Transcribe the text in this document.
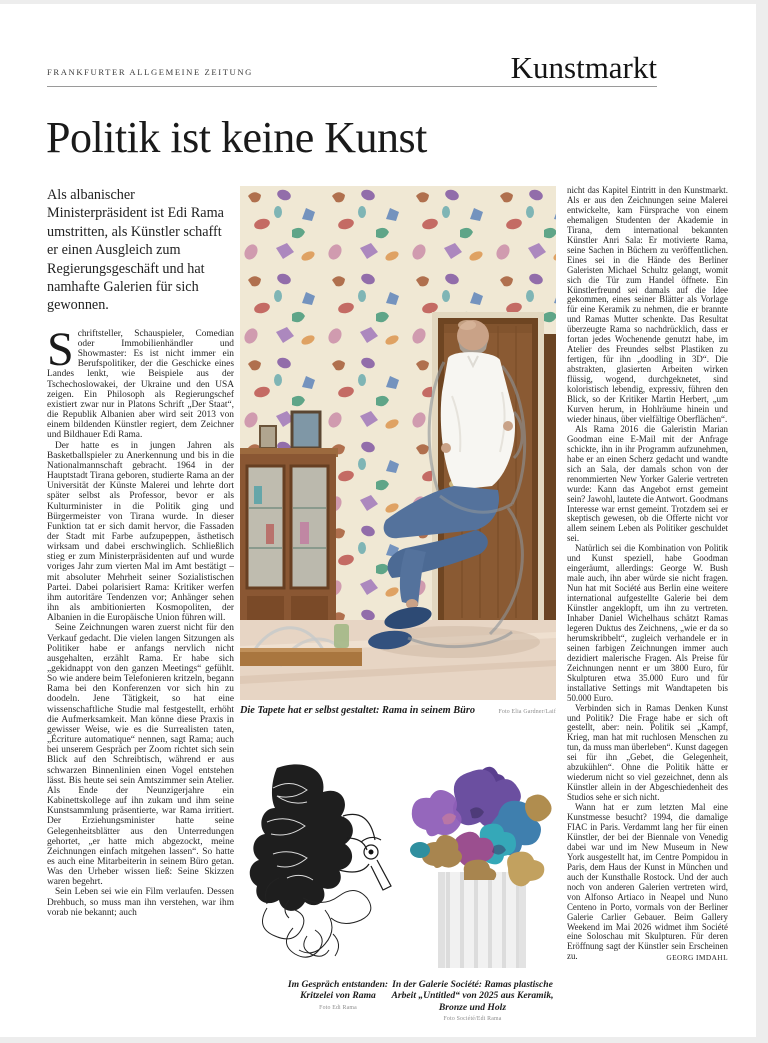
FRANKFURTER ALLGEMEINE ZEITUNG	Kunstmarkt
Politik ist keine Kunst

Als albanischer Ministerpräsident ist Edi Rama umstritten, als Künstler schafft er einen Ausgleich zum Regierungsgeschäft und hat namhafte Galerien für sich gewonnen.

Schriftsteller, Schauspieler, Comedian oder Immobilienhändler und Showmaster: Es ist nicht immer ein Berufspolitiker, der die Geschicke eines Landes lenkt, wie Beispiele aus der Tschechoslowakei, der Ukraine und den USA zeigen. Ein Philosoph als Regierungschef existiert zwar nur in Platons Schrift „Der Staat“, die Republik Albanien aber wird seit 2013 von einem bildenden Künstler regiert, dem Zeichner und Bildhauer Edi Rama.

Der hatte es in jungen Jahren als Basketballspieler zu Anerkennung und bis in die Nationalmannschaft gebracht. 1964 in der Hauptstadt Tirana geboren, studierte Rama an der Universität der Künste Malerei und lehrte dort später selbst als Professor, bevor er als Kulturminister in die Politik ging und Bürgermeister von Tirana wurde. In dieser Funktion tat er sich damit hervor, die Fassaden der Stadt mit Farbe aufzupeppen, ästhetisch wirksam und dabei erschwinglich. Schließlich stieg er zum Ministerpräsidenten auf und wurde voriges Jahr zum vierten Mal im Amt bestätigt – mit absoluter Mehrheit seiner Sozialistischen Partei. Dabei polarisiert Rama: Kritiker werfen ihm autoritäre Tendenzen vor; Anhänger sehen ihn als ambitionierten Kosmopoliten, der Albanien in die Europäische Union führen will.

Seine Zeichnungen waren zuerst nicht für den Verkauf gedacht. Die vielen langen Sitzungen als Politiker habe er anfangs nervlich nicht ausgehalten, erzählt Rama. Er habe sich „gekidnappt von den ganzen Meetings“ gefühlt. So wie andere beim Telefonieren kritzeln, begann Rama bei den Konferenzen vor sich hin zu doodeln. Jene Tätigkeit, so hat eine wissenschaftliche Studie mal festgestellt, erhöht die Aufmerksamkeit. Man könne diese Praxis in gewisser Weise, wie es die Surrealisten taten, „Écriture automatique“ nennen, sagt Rama; auch bei unserem Gespräch per Zoom richtet sich sein Blick auf den Schreibtisch, während er aus schwarzen Binnenlinien einen Vogel entstehen lässt. Bis heute sei sein Amtszimmer sein Atelier. Als Ende der Neunzigerjahre ein Kabinettskollege auf ihn zukam und ihm seine Kunstsammlung präsentierte, war Rama irritiert. Der Erziehungsminister hatte seine Gelegenheitsblätter aus den Unterredungen gehortet, „er hatte mich abgezockt, meine Zeichnungen einfach mitgehen lassen“. So hatte es auch eine Mitarbeiterin in seinem Büro getan. Was den Urheber wissen ließ: Seine Skizzen waren begehrt.

Sein Leben sei wie ein Film verlaufen. Dessen Drehbuch, so muss man ihn verstehen, war ihm vorab nie bekannt; auch

Die Tapete hat er selbst gestaltet: Rama in seinem Büro	Foto Elia Gardner/Laif

nicht das Kapitel Eintritt in den Kunstmarkt. Als er aus den Zeichnungen seine Malerei entwickelte, kam Fürsprache von einem ehemaligen Studenten der Akademie in Tirana, dem international bekannten Künstler Anri Sala: Er motivierte Rama, seine Sachen in Büchern zu veröffentlichen. Eines sei in die Hände des Berliner Galeristen Michael Schultz gelangt, womit sich die Tür zum Handel öffnete. Ein Künstlerfreund sei damals auf die Idee gekommen, eines seiner Blätter als Vorlage für eine Keramik zu nehmen, die er brannte und Ramas Mutter schenkte. Das Resultat überzeugte Rama so nachdrücklich, dass er fortan jedes Wochenende genutzt habe, im Atelier des Freundes selbst Plastiken zu fertigen, für ihn „doodling in 3D“. Die abstrakten, glasierten Arbeiten wirken flüssig, wogend, durchgeknetet, sind koloristisch lebendig, expressiv, führen den Blick, so der Kritiker Martin Herbert, „um Kurven herum, in Hohlräume hinein und wieder hinaus, über vielfältige Oberflächen“.

Als Rama 2016 die Galeristin Marian Goodman eine E-Mail mit der Anfrage schickte, ihn in ihr Programm aufzunehmen, habe er an einen Scherz gedacht und wandte sich an Sala, der damals schon von der renommierten New Yorker Galerie vertreten wurde: Kann das Angebot ernst gemeint sein? Jawohl, lautete die Antwort. Goodmans Interesse war ernst gemeint. Trotzdem sei er skeptisch gewesen, ob die Offerte nicht vor allem seinem Leben als Politiker geschuldet sei.

Natürlich sei die Kombination von Politik und Kunst speziell, habe Goodman eingeräumt, allerdings: George W. Bush male auch, ihn aber würde sie nicht fragen. Nun hat mit Société aus Berlin eine weitere international aufgestellte Galerie bei dem Künstler angeklopft, um ihn zu vertreten. Inhaber Daniel Wichelhaus schätzt Ramas legeren Duktus des Zeichnens, „wie er da so herumskribbelt“, zugleich verhandele er in seinen farbigen Zeichnungen immer auch dezidiert malerische Fragen. Als Preise für Zeichnungen nennt er um 3800 Euro, für Skulpturen etwa 35.000 Euro und für installative Settings mit Wandtapeten bis 50.000 Euro.

Verbinden sich in Ramas Denken Kunst und Politik? Die Frage habe er sich oft gestellt, aber: nein. Politik sei „Kampf, Krieg, man hat mit ruchlosen Menschen zu tun, da muss man überleben“. Kunst dagegen sei für ihn „Gebet, die Gelegenheit, abzukühlen“. Ohne die Politik hätte er wiederum nicht so viel gezeichnet, denn als Künstler allein in der Abgeschiedenheit des Studios sehe er sich nicht.

Wann hat er zum letzten Mal eine Kunstmesse besucht? 1994, die damalige FIAC in Paris. Verdammt lang her für einen Künstler, der bei der Biennale von Venedig dabei war und im New Museum in New York ausgestellt hat, im Centre Pompidou in Paris, dem Haus der Kunst in München und auch der Kunsthalle Rostock. Und der auch noch von anderen Galerien vertreten wird, von Alfonso Artiaco in Neapel und Nuno Centeno in Porto, vormals von der Berliner Galerie Carlier Gebauer. Beim Gallery Weekend im Mai 2026 widmet ihm Société eine Soloschau mit Skulpturen. Für deren Eröffnung sagt der Künstler sein Erscheinen zu.	GEORG IMDAHL

Im Gespräch entstanden: Kritzelei von Rama
Foto Edi Rama
In der Galerie Société: Ramas plastische Arbeit „Untitled“ von 2025 aus Keramik, Bronze und Holz
Foto Société/Edi Rama
